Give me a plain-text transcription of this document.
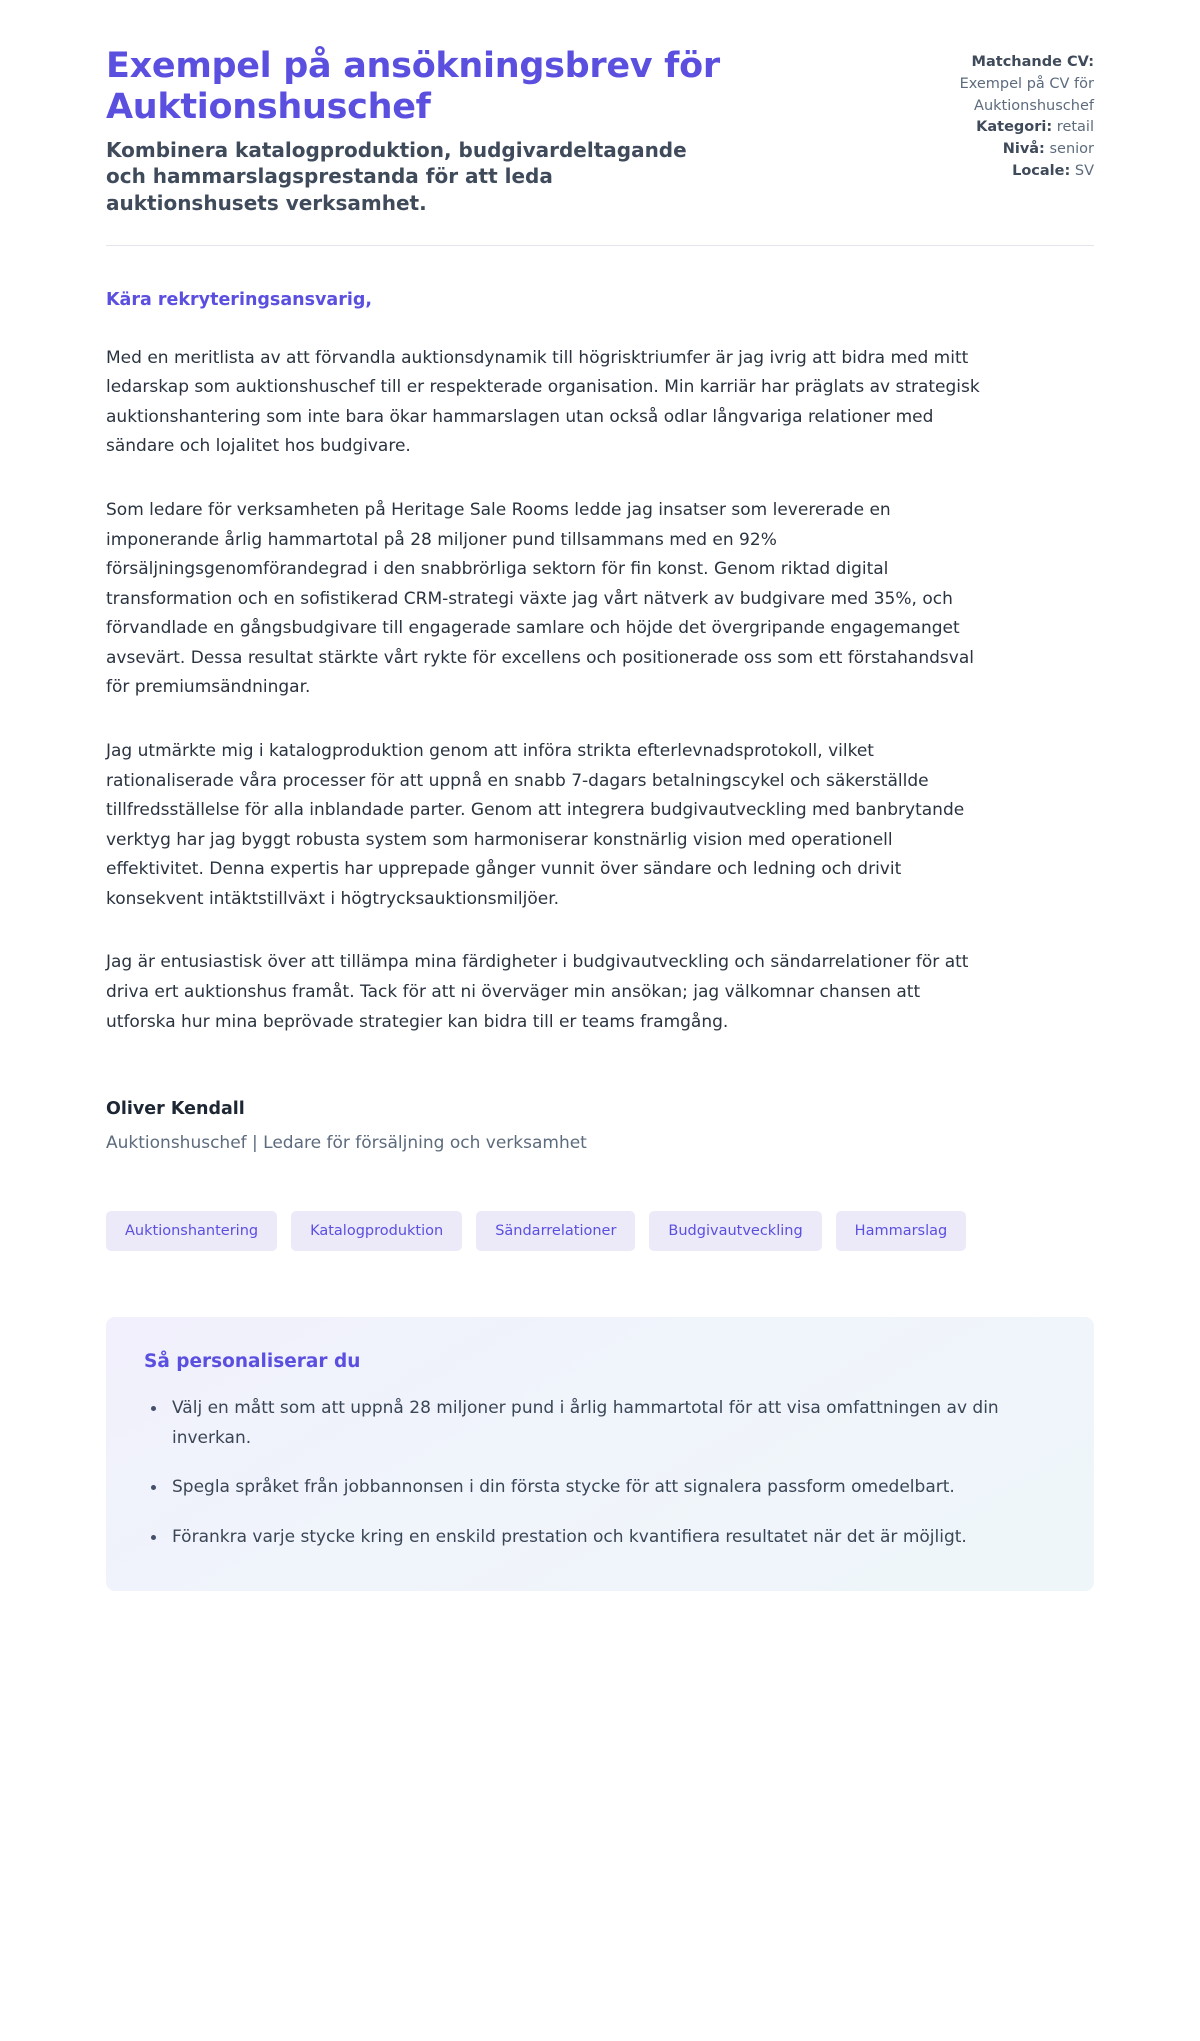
Exempel på ansökningsbrev för Auktionshuschef

Kombinera katalogproduktion, budgivardeltagande och hammarslagsprestanda för att leda auktionshusets verksamhet.

Matchande CV:
Exempel på CV för Auktionshuschef
Kategori: retail
Nivå: senior
Locale: SV

Kära rekryteringsansvarig,

Med en meritlista av att förvandla auktionsdynamik till högrisktriumfer är jag ivrig att bidra med mitt ledarskap som auktionshuschef till er respekterade organisation. Min karriär har präglats av strategisk auktionshantering som inte bara ökar hammarslagen utan också odlar långvariga relationer med sändare och lojalitet hos budgivare.

Som ledare för verksamheten på Heritage Sale Rooms ledde jag insatser som levererade en imponerande årlig hammartotal på 28 miljoner pund tillsammans med en 92% försäljningsgenomförandegrad i den snabbrörliga sektorn för fin konst. Genom riktad digital transformation och en sofistikerad CRM-strategi växte jag vårt nätverk av budgivare med 35%, och förvandlade en gångsbudgivare till engagerade samlare och höjde det övergripande engagemanget avsevärt. Dessa resultat stärkte vårt rykte för excellens och positionerade oss som ett förstahandsval för premiumsändningar.

Jag utmärkte mig i katalogproduktion genom att införa strikta efterlevnadsprotokoll, vilket rationaliserade våra processer för att uppnå en snabb 7-dagars betalningscykel och säkerställde tillfredsställelse för alla inblandade parter. Genom att integrera budgivautveckling med banbrytande verktyg har jag byggt robusta system som harmoniserar konstnärlig vision med operationell effektivitet. Denna expertis har upprepade gånger vunnit över sändare och ledning och drivit konsekvent intäktstillväxt i högtrycksauktionsmiljöer.

Jag är entusiastisk över att tillämpa mina färdigheter i budgivautveckling och sändarrelationer för att driva ert auktionshus framåt. Tack för att ni överväger min ansökan; jag välkomnar chansen att utforska hur mina beprövade strategier kan bidra till er teams framgång.

Oliver Kendall

Auktionshuschef | Ledare för försäljning och verksamhet

Auktionshantering	Katalogproduktion	Sändarrelationer	Budgivautveckling	Hammarslag
Så personaliserar du
Välj en mått som att uppnå 28 miljoner pund i årlig hammartotal för att visa omfattningen av din inverkan.
Spegla språket från jobbannonsen i din första stycke för att signalera passform omedelbart.
Förankra varje stycke kring en enskild prestation och kvantifiera resultatet när det är möjligt.
